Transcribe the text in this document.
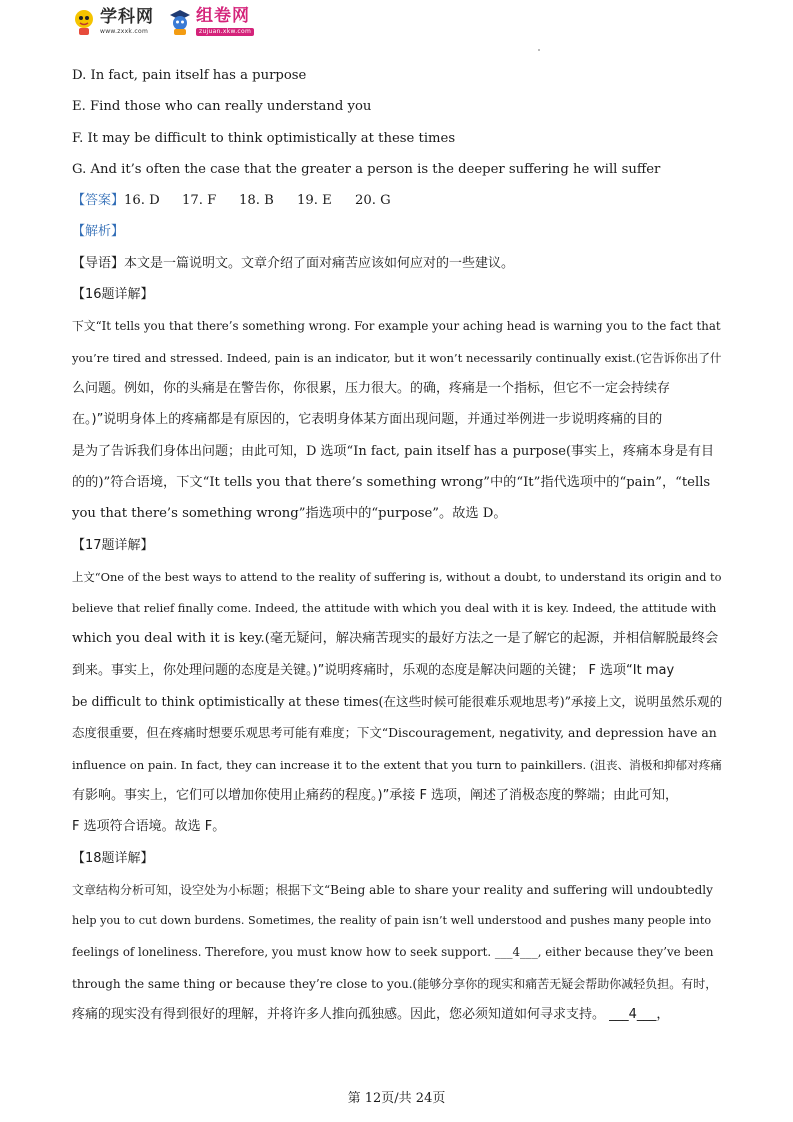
学科网
www.zxxk.com
组卷网
zujuan.xkw.com
D. In fact, pain itself has a purpose
E. Find those who can really understand you
F. It may be difficult to think optimistically at these times
G. And it’s often the case that the greater a person is the deeper suffering he will suffer
【答案】16. D 17. F 18. B 19. E 20. G
【解析】
【导语】本文是一篇说明文。文章介绍了面对痛苦应该如何应对的一些建议。
【16题详解】
下文“It tells you that there’s something wrong. For example your aching head is warning you to the fact that
you’re tired and stressed. Indeed, pain is an indicator, but it won’t necessarily continually exist.(它告诉你出了什
么问题。例如，你的头痛是在警告你，你很累，压力很大。的确，疼痛是一个指标，但它不一定会持续存
在。)”说明身体上的疼痛都是有原因的，它表明身体某方面出现问题，并通过举例进一步说明疼痛的目的
是为了告诉我们身体出问题；由此可知，D 选项“In fact, pain itself has a purpose(事实上，疼痛本身是有目
的的)”符合语境，下文“It tells you that there’s something wrong”中的“It”指代选项中的“pain”，“tells
you that there’s something wrong”指选项中的“purpose”。故选 D。
【17题详解】
上文“One of the best ways to attend to the reality of suffering is, without a doubt, to understand its origin and to
believe that relief finally come. Indeed, the attitude with which you deal with it is key. Indeed, the attitude with
which you deal with it is key.(毫无疑问，解决痛苦现实的最好方法之一是了解它的起源，并相信解脱最终会
到来。事实上，你处理问题的态度是关键。)”说明疼痛时，乐观的态度是解决问题的关键； F 选项“It may
be difficult to think optimistically at these times(在这些时候可能很难乐观地思考)”承接上文，说明虽然乐观的
态度很重要，但在疼痛时想要乐观思考可能有难度；下文“Discouragement, negativity, and depression have an
influence on pain. In fact, they can increase it to the extent that you turn to painkillers. (沮丧、消极和抑郁对疼痛
有影响。事实上，它们可以增加你使用止痛药的程度。)”承接 F 选项，阐述了消极态度的弊端；由此可知，
F 选项符合语境。故选 F。
【18题详解】
文章结构分析可知，设空处为小标题；根据下文“Being able to share your reality and suffering will undoubtedly
help you to cut down burdens. Sometimes, the reality of pain isn’t well understood and pushes many people into
feelings of loneliness. Therefore, you must know how to seek support. ___4___, either because they’ve been
through the same thing or because they’re close to you.(能够分享你的现实和痛苦无疑会帮助你减轻负担。有时，
疼痛的现实没有得到很好的理解，并将许多人推向孤独感。因此，您必须知道如何寻求支持。 ___4___，
第 12页/共 24页
